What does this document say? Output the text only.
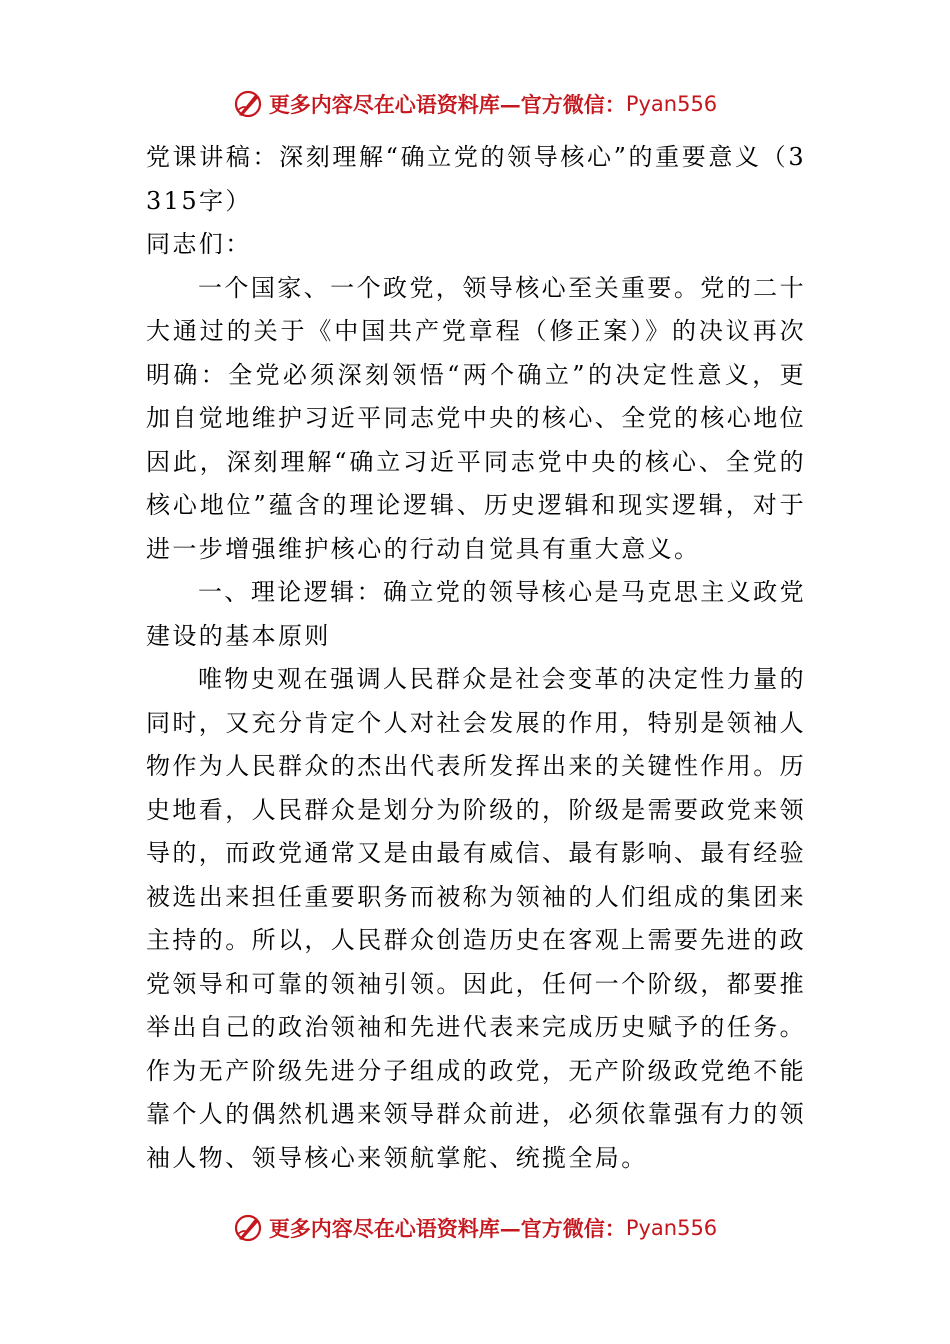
更多内容尽在心语资料库—官方微信： Pyan556

党课讲稿：深刻理解“确立党的领导核心”的重要意义（3315字）

同志们：

一个国家、一个政党，领导核心至关重要。党的二十大通过的关于《中国共产党章程（修正案）》的决议再次明确：全党必须深刻领悟“两个确立”的决定性意义，更加自觉地维护习近平同志党中央的核心、全党的核心地位因此，深刻理解“确立习近平同志党中央的核心、全党的核心地位”蕴含的理论逻辑、历史逻辑和现实逻辑，对于进一步增强维护核心的行动自觉具有重大意义。

一、理论逻辑：确立党的领导核心是马克思主义政党建设的基本原则

唯物史观在强调人民群众是社会变革的决定性力量的同时，又充分肯定个人对社会发展的作用，特别是领袖人物作为人民群众的杰出代表所发挥出来的关键性作用。历史地看，人民群众是划分为阶级的，阶级是需要政党来领导的，而政党通常又是由最有威信、最有影响、最有经验被选出来担任重要职务而被称为领袖的人们组成的集团来主持的。所以，人民群众创造历史在客观上需要先进的政党领导和可靠的领袖引领。因此，任何一个阶级，都要推举出自己的政治领袖和先进代表来完成历史赋予的任务。作为无产阶级先进分子组成的政党，无产阶级政党绝不能靠个人的偶然机遇来领导群众前进，必须依靠强有力的领袖人物、领导核心来领航掌舵、统揽全局。

更多内容尽在心语资料库—官方微信： Pyan556
